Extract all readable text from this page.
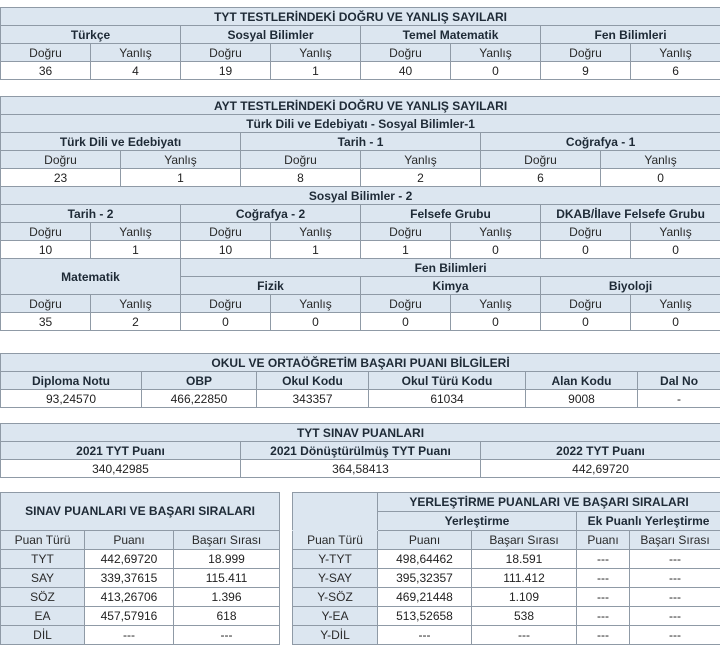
TYT TESTLERİNDEKİ DOĞRU VE YANLIŞ SAYILARI							
Türkçe		Sosyal Bilimler		Temel Matematik		Fen Bilimleri	
Doğru	Yanlış	Doğru	Yanlış	Doğru	Yanlış	Doğru	Yanlış
36	4	19	1	40	0	9	6
AYT TESTLERİNDEKİ DOĞRU VE YANLIŞ SAYILARI											
Türk Dili ve Edebiyatı - Sosyal Bilimler-1											
Türk Dili ve Edebiyatı				Tarih - 1				Coğrafya - 1			
Doğru		Yanlış		Doğru		Yanlış		Doğru		Yanlış	
23		1		8		2		6		0	
Sosyal Bilimler - 2											
Tarih - 2			Coğrafya - 2			Felsefe Grubu			DKAB/İlave Felsefe Grubu		
Doğru	Yanlış		Doğru		Yanlış	Doğru	Yanlış		Doğru		Yanlış
10	1		10		1	1	0		0		0
Matematik			Fen Bilimleri								
			Fizik			Kimya			Biyoloji		
Doğru	Yanlış		Doğru		Yanlış	Doğru	Yanlış		Doğru		Yanlış
35	2		0		0	0	0		0		0
OKUL VE ORTAÖĞRETİM BAŞARI PUANI BİLGİLERİ					
Diploma Notu	OBP	Okul Kodu	Okul Türü Kodu	Alan Kodu	Dal No
93,24570	466,22850	343357	61034	9008	-
TYT SINAV PUANLARI		
2021 TYT Puanı	2021 Dönüştürülmüş TYT Puanı	2022 TYT Puanı
340,42985	364,58413	442,69720
SINAV PUANLARI VE BAŞARI SIRALARI		
Puan Türü	Puanı	Başarı Sırası
TYT	442,69720	18.999
SAY	339,37615	115.411
SÖZ	413,26706	1.396
EA	457,57916	618
DİL	---	---
	YERLEŞTİRME PUANLARI VE BAŞARI SIRALARI			
	Yerleştirme		Ek Puanlı Yerleştirme	
Puan Türü	Puanı	Başarı Sırası	Puanı	Başarı Sırası
Y-TYT	498,64462	18.591	---	---
Y-SAY	395,32357	111.412	---	---
Y-SÖZ	469,21448	1.109	---	---
Y-EA	513,52658	538	---	---
Y-DİL	---	---	---	---
